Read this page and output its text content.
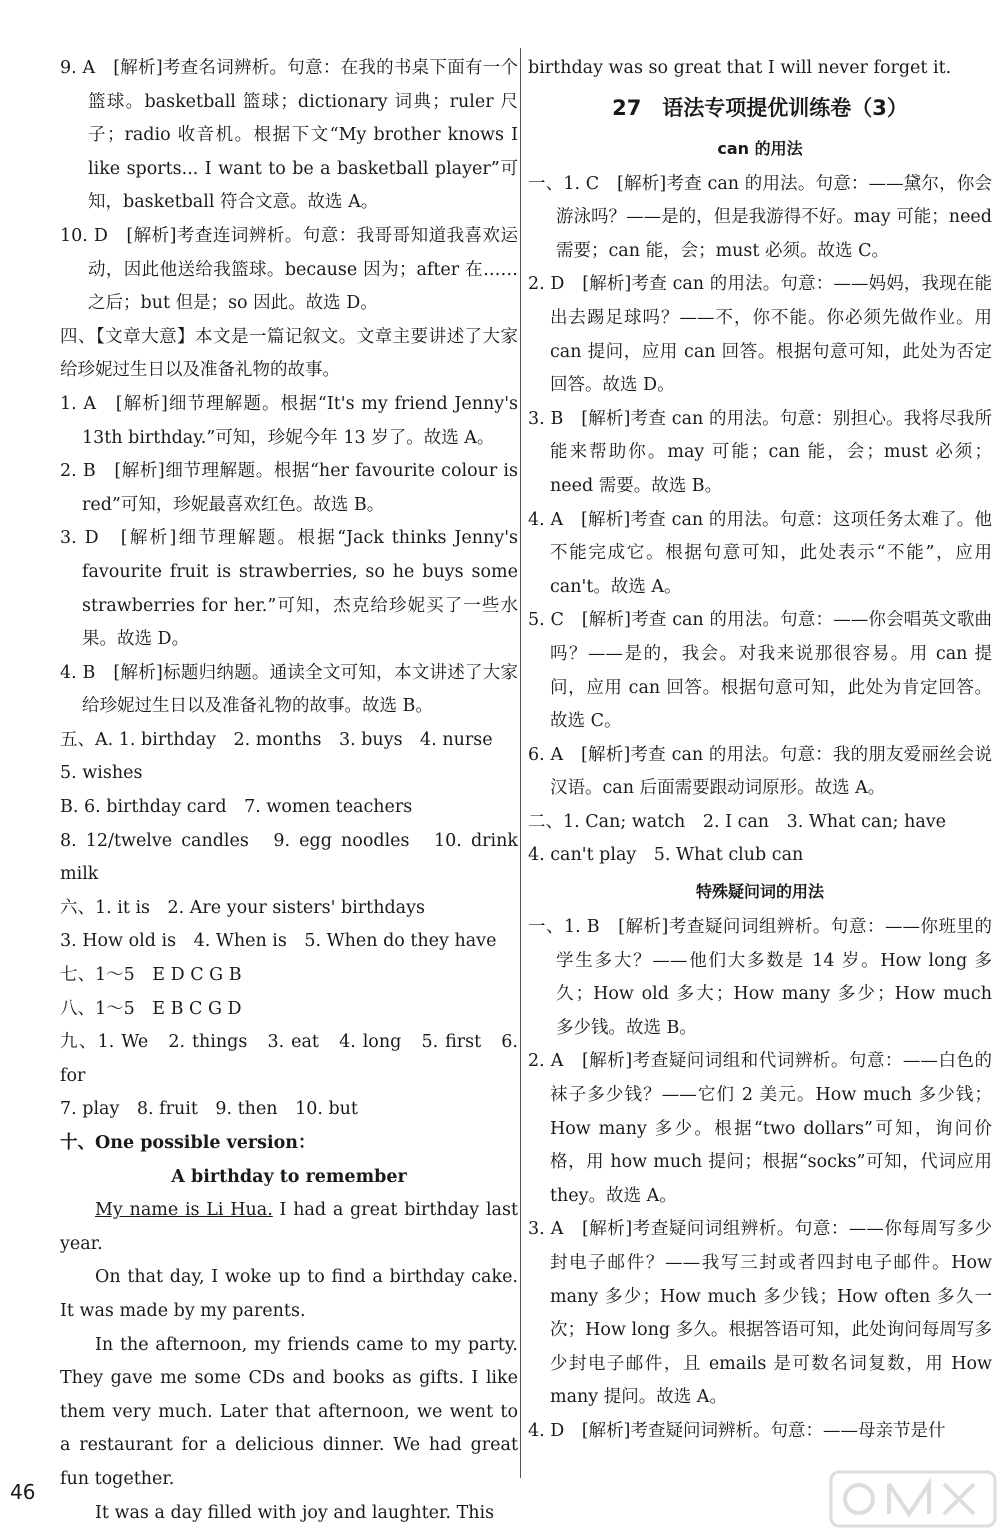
9. A　[解析]考查名词辨析。句意：在我的书桌下面有一个篮球。basketball 篮球；dictionary 词典；ruler 尺子；radio 收音机。根据下文“My brother knows I like sports... I want to be a basketball player”可知，basketball 符合文意。故选 A。

10. D　[解析]考查连词辨析。句意：我哥哥知道我喜欢运动，因此他送给我篮球。because 因为；after 在……之后；but 但是；so 因此。故选 D。

四、【文章大意】本文是一篇记叙文。文章主要讲述了大家给珍妮过生日以及准备礼物的故事。

1. A　[解析]细节理解题。根据“It's my friend Jenny's 13th birthday.”可知，珍妮今年 13 岁了。故选 A。

2. B　[解析]细节理解题。根据“her favourite colour is red”可知，珍妮最喜欢红色。故选 B。

3. D　[解析]细节理解题。根据“Jack thinks Jenny's favourite fruit is strawberries, so he buys some strawberries for her.”可知，杰克给珍妮买了一些水果。故选 D。

4. B　[解析]标题归纳题。通读全文可知，本文讲述了大家给珍妮过生日以及准备礼物的故事。故选 B。

五、A. 1. birthday　2. months　3. buys　4. nurse

5. wishes

B. 6. birthday card　7. women teachers

8. 12/twelve candles　9. egg noodles　10. drink milk

六、1. it is　2. Are your sisters' birthdays

3. How old is　4. When is　5. When do they have

七、1～5　E D C G B

八、1～5　E B C G D

九、1. We　2. things　3. eat　4. long　5. first　6. for

7. play　8. fruit　9. then　10. but

十、One possible version：

A birthday to remember

My name is Li Hua. I had a great birthday last year.

On that day, I woke up to find a birthday cake. It was made by my parents.

In the afternoon, my friends came to my party. They gave me some CDs and books as gifts. I like them very much. Later that afternoon, we went to a restaurant for a delicious dinner. We had great fun together.

It was a day filled with joy and laughter. This

birthday was so great that I will never forget it.

27　语法专项提优训练卷（3）
can 的用法

一、1. C　[解析]考查 can 的用法。句意：——黛尔，你会游泳吗？——是的，但是我游得不好。may 可能；need 需要；can 能，会；must 必须。故选 C。

2. D　[解析]考查 can 的用法。句意：——妈妈，我现在能出去踢足球吗？——不，你不能。你必须先做作业。用 can 提问，应用 can 回答。根据句意可知，此处为否定回答。故选 D。

3. B　[解析]考查 can 的用法。句意：别担心。我将尽我所能来帮助你。may 可能；can 能，会；must 必须；need 需要。故选 B。

4. A　[解析]考查 can 的用法。句意：这项任务太难了。他不能完成它。根据句意可知，此处表示“不能”，应用 can't。故选 A。

5. C　[解析]考查 can 的用法。句意：——你会唱英文歌曲吗？——是的，我会。对我来说那很容易。用 can 提问，应用 can 回答。根据句意可知，此处为肯定回答。故选 C。

6. A　[解析]考查 can 的用法。句意：我的朋友爱丽丝会说汉语。can 后面需要跟动词原形。故选 A。

二、1. Can; watch　2. I can　3. What can; have

4. can't play　5. What club can

特殊疑问词的用法

一、1. B　[解析]考查疑问词组辨析。句意：——你班里的学生多大？——他们大多数是 14 岁。How long 多久；How old 多大；How many 多少；How much 多少钱。故选 B。

2. A　[解析]考查疑问词组和代词辨析。句意：——白色的袜子多少钱？——它们 2 美元。How much 多少钱；How many 多少。根据“two dollars”可知，询问价格，用 how much 提问；根据“socks”可知，代词应用 they。故选 A。

3. A　[解析]考查疑问词组辨析。句意：——你每周写多少封电子邮件？——我写三封或者四封电子邮件。How many 多少；How much 多少钱；How often 多久一次；How long 多久。根据答语可知，此处询问每周写多少封电子邮件，且 emails 是可数名词复数，用 How many 提问。故选 A。

4. D　[解析]考查疑问词辨析。句意：——母亲节是什

46
